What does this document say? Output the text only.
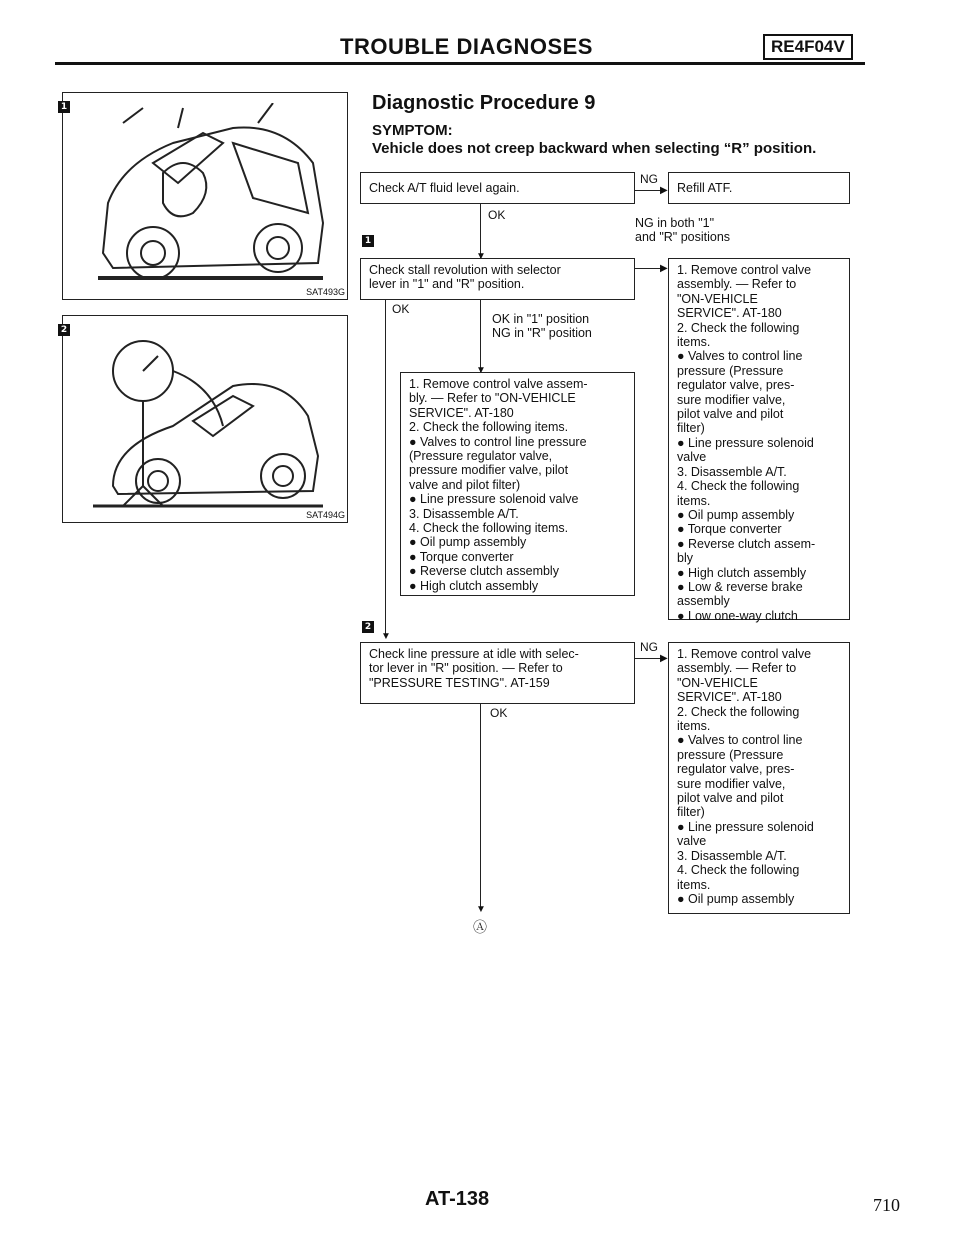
TROUBLE DIAGNOSES	RE4F04V
1
SAT493G
2
SAT494G
Diagnostic Procedure 9
SYMPTOM:
Vehicle does not creep backward when selecting “R” position.
Check A/T fluid level again.
NG
▶ Refill ATF.
OK
▼
1
NG in both "1"
and "R" positions
Check stall revolution with selector
lever in "1" and "R" position.
▶ 1. Remove control valve
assembly. — Refer to
"ON-VEHICLE
SERVICE". AT-180
2. Check the following
items.
● Valves to control line
pressure (Pressure
regulator valve, pres-
sure modifier valve,
pilot valve and pilot
filter)
● Line pressure solenoid
valve
3. Disassemble A/T.
4. Check the following
items.
● Oil pump assembly
● Torque converter
● Reverse clutch assem-
bly
● High clutch assembly
● Low & reverse brake
assembly
● Low one-way clutch
OK
OK in "1" position
NG in "R" position
▼
1. Remove control valve assem-
bly. — Refer to "ON-VEHICLE
SERVICE". AT-180
2. Check the following items.
● Valves to control line pressure
(Pressure regulator valve,
pressure modifier valve, pilot
valve and pilot filter)
● Line pressure solenoid valve
3. Disassemble A/T.
4. Check the following items.
● Oil pump assembly
● Torque converter
● Reverse clutch assembly
● High clutch assembly
2
▼
Check line pressure at idle with selec-
tor lever in "R" position. — Refer to
"PRESSURE TESTING". AT-159
NG
▶ 1. Remove control valve
assembly. — Refer to
"ON-VEHICLE
SERVICE". AT-180
2. Check the following
items.
● Valves to control line
pressure (Pressure
regulator valve, pres-
sure modifier valve,
pilot valve and pilot
filter)
● Line pressure solenoid
valve
3. Disassemble A/T.
4. Check the following
items.
● Oil pump assembly
OK
▼
Ⓐ
AT-138	710
